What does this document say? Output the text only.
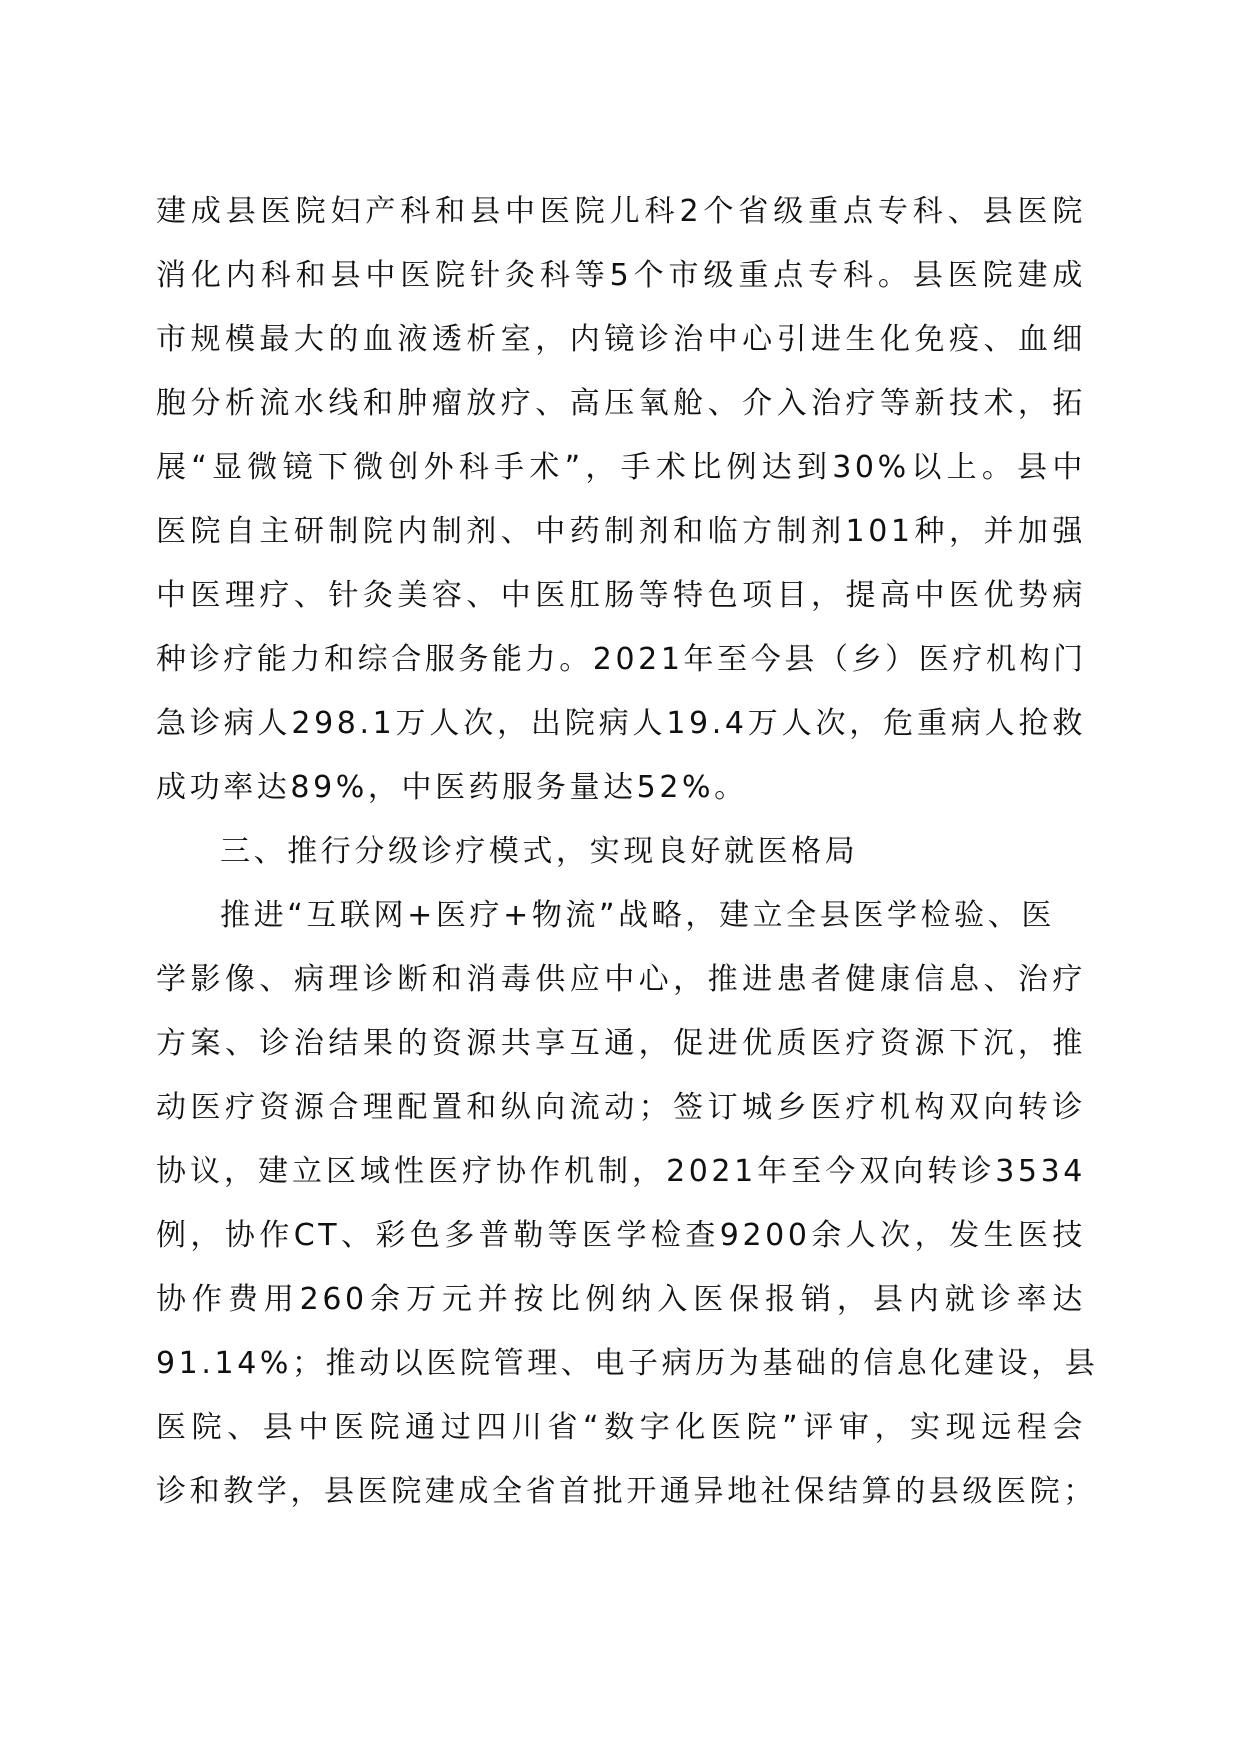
建成县医院妇产科和县中医院儿科2个省级重点专科、县医院
消化内科和县中医院针灸科等5个市级重点专科。县医院建成
市规模最大的血液透析室，内镜诊治中心引进生化免疫、血细
胞分析流水线和肿瘤放疗、高压氧舱、介入治疗等新技术，拓
展“显微镜下微创外科手术”，手术比例达到30%以上。县中
医院自主研制院内制剂、中药制剂和临方制剂101种，并加强
中医理疗、针灸美容、中医肛肠等特色项目，提高中医优势病
种诊疗能力和综合服务能力。2021年至今县（乡）医疗机构门
急诊病人298.1万人次，出院病人19.4万人次，危重病人抢救
成功率达89%，中医药服务量达52%。
三、推行分级诊疗模式，实现良好就医格局
推进“互联网+医疗+物流”战略，建立全县医学检验、医
学影像、病理诊断和消毒供应中心，推进患者健康信息、治疗
方案、诊治结果的资源共享互通，促进优质医疗资源下沉，推
动医疗资源合理配置和纵向流动；签订城乡医疗机构双向转诊
协议，建立区域性医疗协作机制，2021年至今双向转诊3534
例，协作CT、彩色多普勒等医学检查9200余人次，发生医技
协作费用260余万元并按比例纳入医保报销，县内就诊率达
91.14%；推动以医院管理、电子病历为基础的信息化建设，县
医院、县中医院通过四川省“数字化医院”评审，实现远程会
诊和教学，县医院建成全省首批开通异地社保结算的县级医院；
